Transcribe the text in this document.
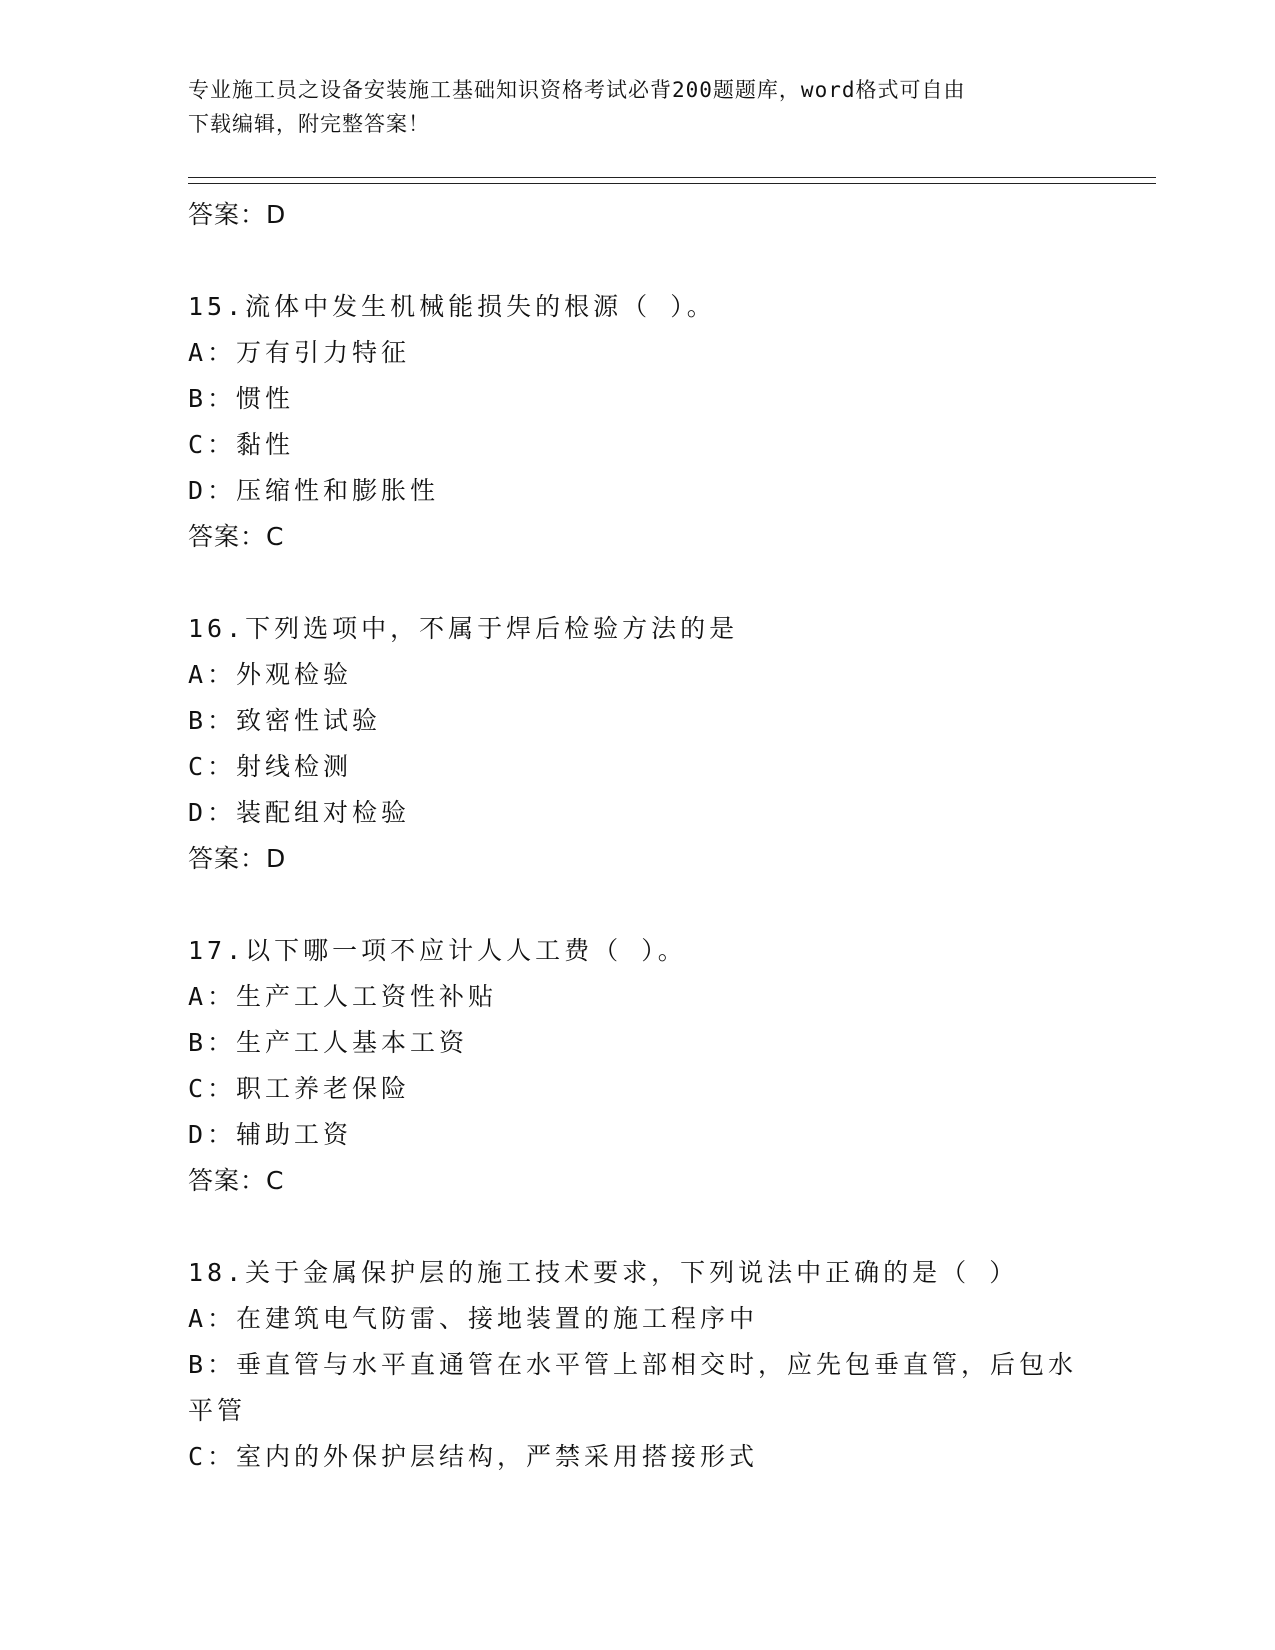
专业施工员之设备安装施工基础知识资格考试必背200题题库，word格式可自由
下载编辑，附完整答案！
答案：D
15.流体中发生机械能损失的根源（ ）。
A：万有引力特征
B：惯性
C：黏性
D：压缩性和膨胀性
答案：C
16.下列选项中，不属于焊后检验方法的是
A：外观检验
B：致密性试验
C：射线检测
D：装配组对检验
答案：D
17.以下哪一项不应计人人工费（ ）。
A：生产工人工资性补贴
B：生产工人基本工资
C：职工养老保险
D：辅助工资
答案：C
18.关于金属保护层的施工技术要求，下列说法中正确的是（ ）
A：在建筑电气防雷、接地装置的施工程序中
B：垂直管与水平直通管在水平管上部相交时，应先包垂直管，后包水
平管
C：室内的外保护层结构，严禁采用搭接形式
